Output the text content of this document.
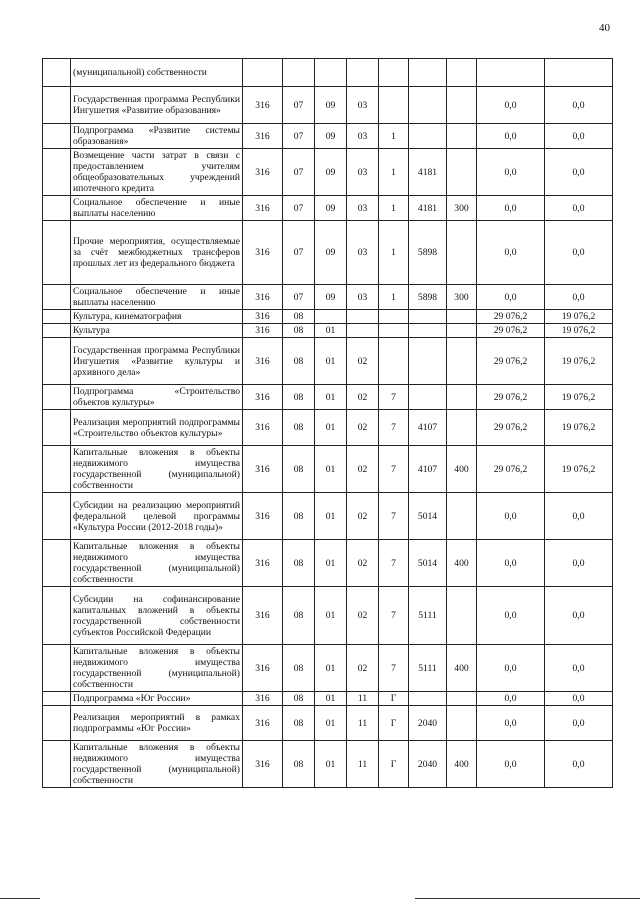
40
	(муниципальной) собственности									
	Государственная программа Республики Ингушетия «Развитие образования»	316	07	09	03				0,0	0,0
	Подпрограмма «Развитие системы образования»	316	07	09	03	1			0,0	0,0
	Возмещение части затрат в связи с предоставлением учителям общеобразовательных учреждений ипотечного кредита	316	07	09	03	1	4181		0,0	0,0
	Социальное обеспечение и иные выплаты населению	316	07	09	03	1	4181	300	0,0	0,0
	Прочие мероприятия, осуществляемые за счёт межбюджетных трансферов прошлых лет из федерального бюджета	316	07	09	03	1	5898		0,0	0,0
	Социальное обеспечение и иные выплаты населению	316	07	09	03	1	5898	300	0,0	0,0
	Культура, кинематография	316	08						29 076,2	19 076,2
	Культура	316	08	01					29 076,2	19 076,2
	Государственная программа Республики Ингушетия «Развитие культуры и архивного дела»	316	08	01	02				29 076,2	19 076,2
	Подпрограмма «Строительство объектов культуры»	316	08	01	02	7			29 076,2	19 076,2
	Реализация мероприятий подпрограммы «Строительство объектов культуры»	316	08	01	02	7	4107		29 076,2	19 076,2
	Капитальные вложения в объекты недвижимого имущества государственной (муниципальной) собственности	316	08	01	02	7	4107	400	29 076,2	19 076,2
	Субсидии на реализацию мероприятий федеральной целевой программы «Культура России (2012-2018 годы)»	316	08	01	02	7	5014		0,0	0,0
	Капитальные вложения в объекты недвижимого имущества государственной (муниципальной) собственности	316	08	01	02	7	5014	400	0,0	0,0
	Субсидии на софинансирование капитальных вложений в объекты государственной собственности субъектов Российской Федерации	316	08	01	02	7	5111		0,0	0,0
	Капитальные вложения в объекты недвижимого имущества государственной (муниципальной) собственности	316	08	01	02	7	5111	400	0,0	0,0
	Подпрограмма «Юг России»	316	08	01	11	Г			0,0	0,0
	Реализация мероприятий в рамках подпрограммы «Юг России»	316	08	01	11	Г	2040		0,0	0,0
	Капитальные вложения в объекты недвижимого имущества государственной (муниципальной) собственности	316	08	01	11	Г	2040	400	0,0	0,0
